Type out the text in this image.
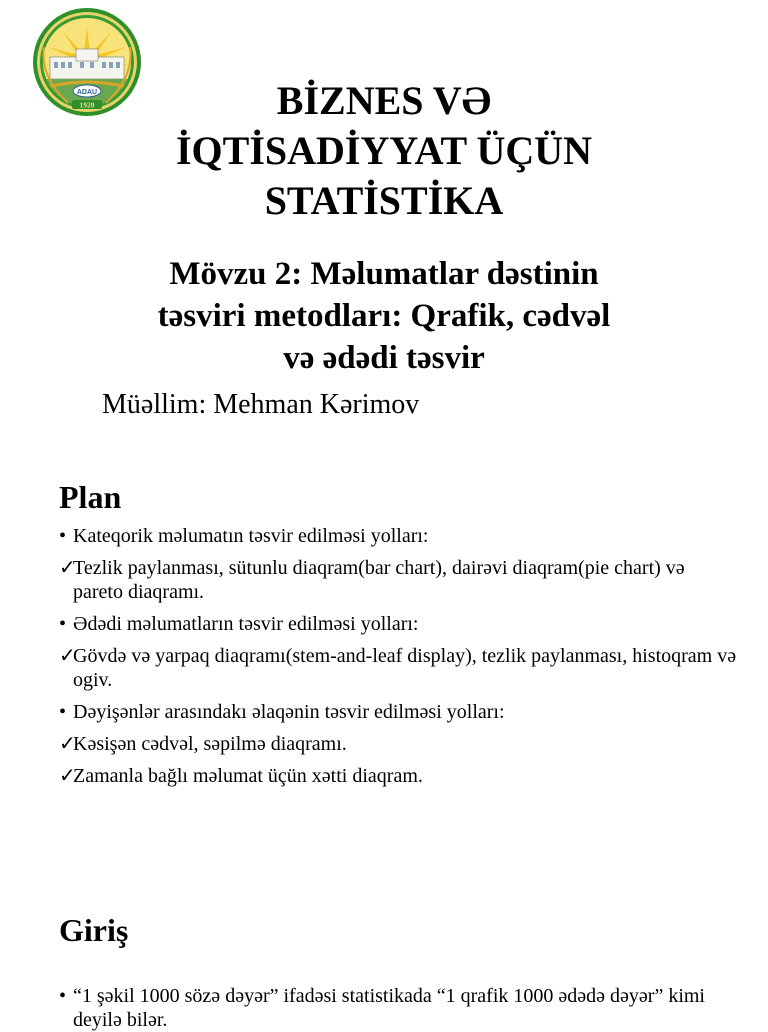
ADAU
1920	BİZNES VƏ
İQTİSADİYYAT ÜÇÜN
STATİSTİKA
Mövzu 2: Məlumatlar dəstinin
təsviri metodları: Qrafik, cədvəl
və ədədi təsvir
Müəllim: Mehman Kərimov
Plan
• Kateqorik məlumatın təsvir edilməsi yolları:
✓
Tezlik paylanması, sütunlu diaqram(bar chart), dairəvi diaqram(pie chart) və pareto diaqramı.
• Ədədi məlumatların təsvir edilməsi yolları:
✓
Gövdə və yarpaq diaqramı(stem-and-leaf display), tezlik paylanması, histoqram və ogiv.
• Dəyişənlər arasındakı əlaqənin təsvir edilməsi yolları:
✓
Kəsişən cədvəl, səpilmə diaqramı.
✓
Zamanla bağlı məlumat üçün xətti diaqram.
Giriş
• “1 şəkil 1000 sözə dəyər” ifadəsi statistikada “1 qrafik 1000 ədədə dəyər” kimi deyilə bilər.
